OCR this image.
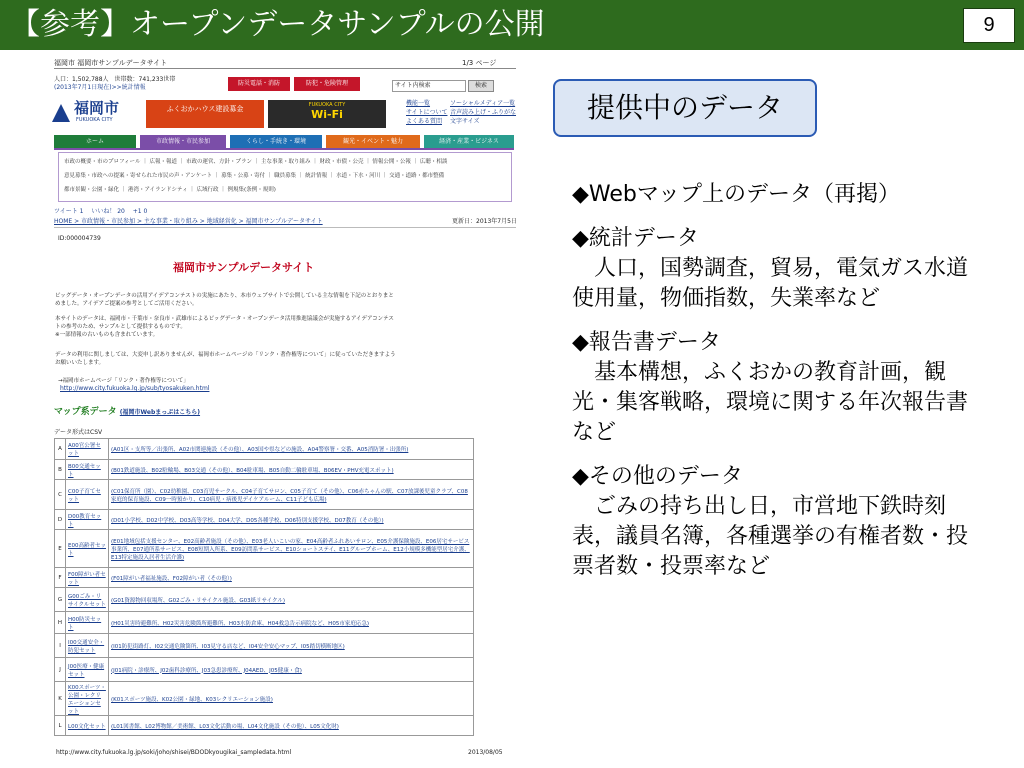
【参考】オープンデータサンプルの公開	9
福岡市 福岡市サンプルデータサイト	1/3 ページ
人口：1,502,788人　世帯数：741,233世帯
(2013年7月1日現在)>>統計情報
防災電話・消防	防犯・危険管理	サイト内検索	検索
福岡市
FUKUOKA CITY
ふくおかハウス建設募金	FUKUOKA CITY
Wi-Fi
機能一覧	ソーシャルメディア一覧
サイトについて 音声読み上げ・ふりがな
よくある質問 文字サイズ
ホーム	市政情報・市民参加	くらし・手続き・環境	観光・イベント・魅力	経済・産業・ビジネス
市政の概要・市のプロフィール ｜ 広報・報道 ｜ 市政の運営、方針・プラン ｜ 主な事業・取り組み ｜ 財政・市債・公売 ｜ 情報公開・公報 ｜ 広聴・相談
意見募集・市政への提案・寄せられた市民の声・アンケート ｜ 募集・公募・寄付 ｜ 職員募集 ｜ 統計情報 ｜ 水道・下水・河川 ｜ 交通・道路・都市整備
都市景観・公園・緑化 ｜ 港湾・アイランドシティ ｜ 広域行政 ｜ 例規集(条例・規則)
ツイート 1　 いいね！ 20　 +1 0
HOME > 市政情報・市民参加 > 主な事業・取り組み > 地域経営化 > 福岡市サンプルデータサイト	更新日：2013年7月5日
ID:000004739
福岡市サンプルデータサイト
ビッグデータ・オープンデータの活用アイデアコンテストの実施にあたり、本市ウェブサイトで公開している主な情報を下記のとおりまと
めました。アイデアご提案の参考としてご活用ください。
本サイトのデータは、福岡市・千葉市・奈良市・武雄市によるビッグデータ・オープンデータ活用推進協議会が実施するアイデアコンテス
トの参考のため、サンプルとして提供するものです。
※一部情報の古いものも含まれています。
データの利用に関しましては、大変申し訳ありませんが、福岡市ホームページの「リンク・著作権等について」に従っていただきますよう
お願いいたします。
→福岡市ホームページ「リンク・著作権等について」
http://www.city.fukuoka.lg.jp/sub/tyosakuken.html
マップ系データ (福岡市Webまっぷはこちら)
データ形式はCSV
A	A00官公署セット	(A01区・支所等／出張所、A02市関連施設（その他）、A03国や県などの施設、A04警察署・交番、A05消防署・出張所)
B	B00交通セット	(B01鉄道施設、B02駐輪場、B03交通（その他）、B04駐車場、B05自動二輪駐車場、B06EV・PHV充電スポット)
C	C00子育てセット	(C01保育所（園）、C02幼稚園、C03育児サークル、C04子育てサロン、C05子育て（その他）、C06赤ちゃんの駅、C07放課後児童クラブ、C08家庭的保育施設、C09一時預かり、C10病児・病後児デイケアルーム、C11子ども広場)
D	D00教育セット	(D01小学校、D02中学校、D03高等学校、D04大学、D05各種学校、D06特別支援学校、D07教育（その他）)
E	E00高齢者セット	(E01地域包括支援センター、E02高齢者施設（その他）、E03老人いこいの家、E04高齢者ふれあいサロン、E05介護保険施設、E06居宅サービス事業所、E07通所系サービス、E08短期入所系、E09訪問系サービス、E10ショートステイ、E11グループホーム、E12小規模多機能型居宅介護、E13特定施設入居者生活介護)
F	F00障がい者セット	(F01障がい者福祉施設、F02障がい者（その他）)
G	G00ごみ・リサイクルセット	(G01資源物回収場所、G02ごみ・リサイクル施設、G03紙リサイクル)
H	H00防災セット	(H01災害時避難所、H02災害危険箇所避難所、H03水防倉庫、H04救急告示病院など、H05市家庭応急)
I	I00交通安全・防犯セット	(I01防犯街路灯、I02交通危険箇所、I03見守る店など、I04安全安心マップ、I05踏切横断地区)
J	J00医療・健康セット	(J01病院・診療所、J02歯科診療所、J03急患診療所、J04AED、J05健康・食)
K	K00スポーツ・公園・レクリエーションセット	(K01スポーツ施設、K02公園・緑地、K03レクリエーション施設)
L	L00文化セット	(L01図書館、L02博物館／美術館、L03文化活動の場、L04文化施設（その他）、L05文化財)
http://www.city.fukuoka.lg.jp/soki/joho/shisei/BDODkyougikai_sampledata.html	2013/08/05
提供中のデータ
◆Webマップ上のデータ（再掲）
◆統計データ
　人口，国勢調査，貿易，電気ガス水道使用量，物価指数，失業率など
◆報告書データ
　基本構想，ふくおかの教育計画，観光・集客戦略，環境に関する年次報告書など
◆その他のデータ
　ごみの持ち出し日，市営地下鉄時刻表，議員名簿，各種選挙の有権者数・投票者数・投票率など
